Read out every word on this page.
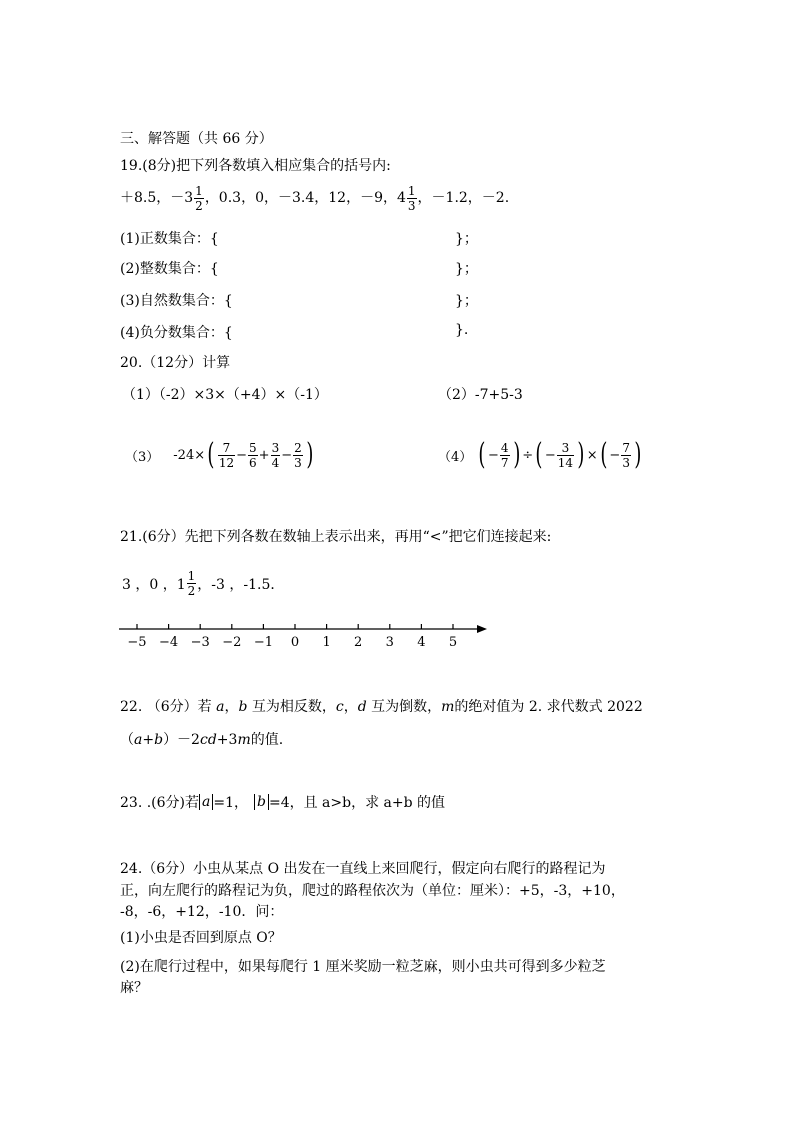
三、解答题（共 66 分）
19.(8分)把下列各数填入相应集合的括号内:
＋8.5，$-3 \frac{1}{2}$ ，0.3，0，－3.4，12，－9，$4 \frac{1}{3}$ ，－1.2，－2.
(1)正数集合：{	}；
(2)整数集合：{	}；
(3)自然数集合：{	}；
(4)负分数集合：{	}.
20.（12分）计算
（1）（-2）×3×（+4）×（-1）	（2）-7+5-3
（3） -24× ( $\frac{7}{12} - \frac{5}{6} + \frac{3}{4} - \frac{2}{3}$ )	（4） ( − $\frac{4}{7}$ ) ÷ ( − $\frac{3}{14}$ ) × ( − $\frac{7}{3}$ )
21.(6分）先把下列各数在数轴上表示出来，再用“<”把它们连接起来:
3 ，0 ，$1 \frac{1}{2}$ ，-3 ，-1.5．
−5 −4 −3 −2 −1 0 1 2 3 4 5
22. （6分）若 a，b 互为相反数，c，d 互为倒数，m的绝对值为 2. 求代数式 2022
（a+b）－2cd+3m的值.
23. .(6分)若 a =1， b =4，且 a>b，求 a+b 的值
24.（6分）小虫从某点 O 出发在一直线上来回爬行，假定向右爬行的路程记为
正，向左爬行的路程记为负，爬过的路程依次为（单位：厘米）：+5，-3，+10，
-8，-6，+12，-10．问：
(1)小虫是否回到原点 O？
(2)在爬行过程中，如果每爬行 1 厘米奖励一粒芝麻，则小虫共可得到多少粒芝
麻？
